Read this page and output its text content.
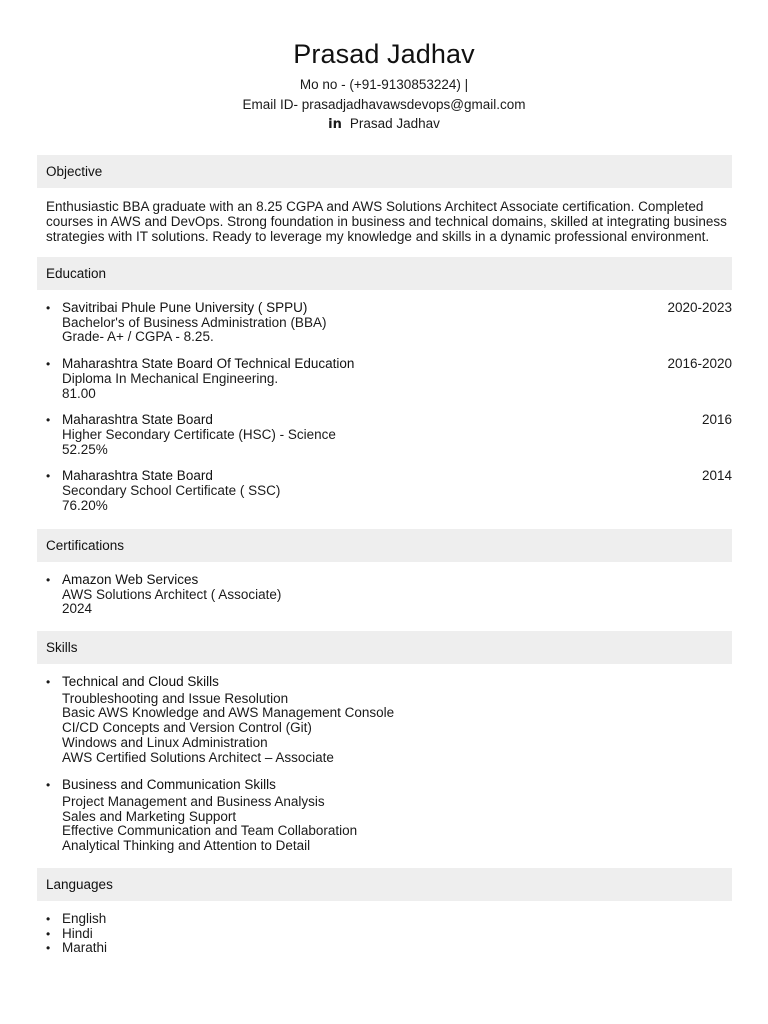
Prasad Jadhav
Mo no - (+91-9130853224) |
Email ID- prasadjadhavawsdevops@gmail.com
in Prasad Jadhav
Objective
Enthusiastic BBA graduate with an 8.25 CGPA and AWS Solutions Architect Associate certification. Completed courses in AWS and DevOps. Strong foundation in business and technical domains, skilled at integrating business strategies with IT solutions. Ready to leverage my knowledge and skills in a dynamic professional environment.
Education
• Savitribai Phule Pune University ( SPPU)	2020-2023
Bachelor's of Business Administration (BBA)
Grade- A+ / CGPA - 8.25.
• Maharashtra State Board Of Technical Education	2016-2020
Diploma In Mechanical Engineering.
81.00
• Maharashtra State Board	2016
Higher Secondary Certificate (HSC) - Science
52.25%
• Maharashtra State Board	2014
Secondary School Certificate ( SSC)
76.20%
Certifications
• Amazon Web Services
AWS Solutions Architect ( Associate)
2024
Skills
• Technical and Cloud Skills
Troubleshooting and Issue Resolution
Basic AWS Knowledge and AWS Management Console
CI/CD Concepts and Version Control (Git)
Windows and Linux Administration
AWS Certified Solutions Architect – Associate
• Business and Communication Skills
Project Management and Business Analysis
Sales and Marketing Support
Effective Communication and Team Collaboration
Analytical Thinking and Attention to Detail
Languages
• English
• Hindi
• Marathi
